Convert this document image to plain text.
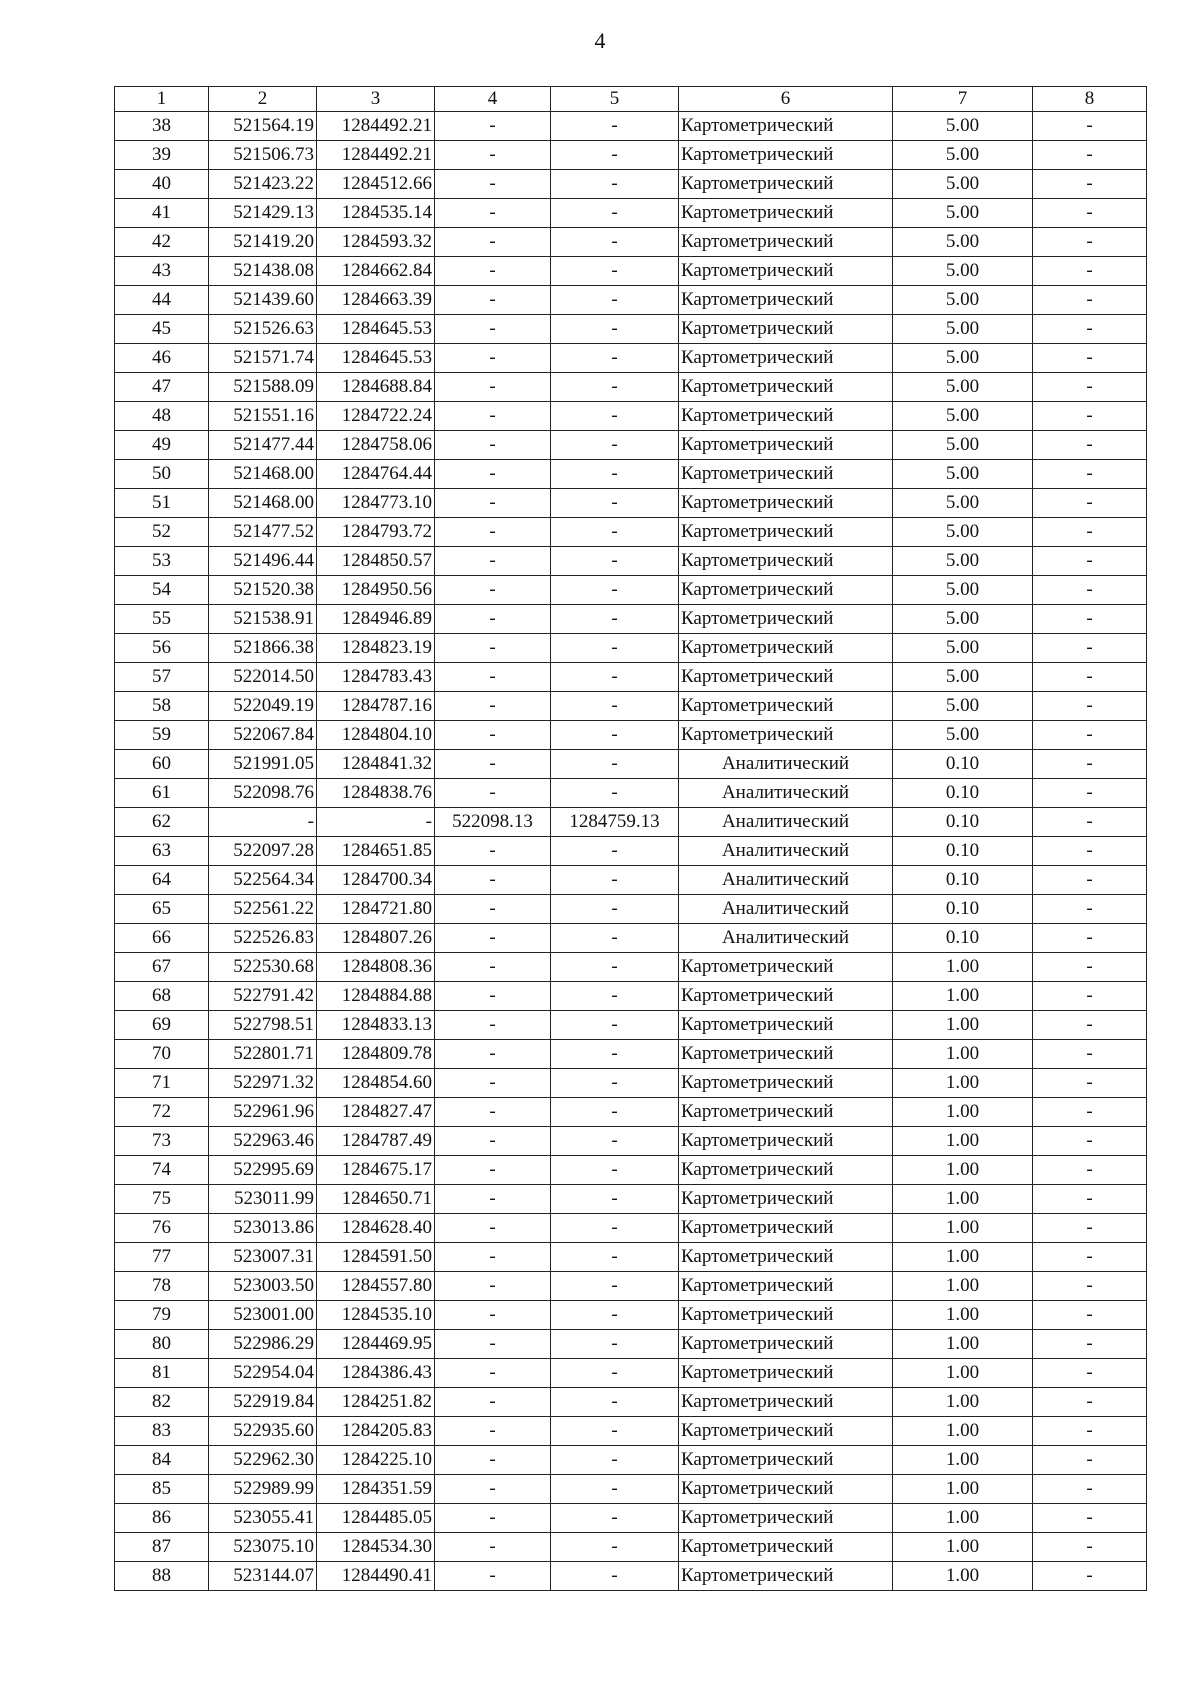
4
1	2	3	4	5	6	7	8
38	521564.19	1284492.21	-	-	Картометрический	5.00	-
39	521506.73	1284492.21	-	-	Картометрический	5.00	-
40	521423.22	1284512.66	-	-	Картометрический	5.00	-
41	521429.13	1284535.14	-	-	Картометрический	5.00	-
42	521419.20	1284593.32	-	-	Картометрический	5.00	-
43	521438.08	1284662.84	-	-	Картометрический	5.00	-
44	521439.60	1284663.39	-	-	Картометрический	5.00	-
45	521526.63	1284645.53	-	-	Картометрический	5.00	-
46	521571.74	1284645.53	-	-	Картометрический	5.00	-
47	521588.09	1284688.84	-	-	Картометрический	5.00	-
48	521551.16	1284722.24	-	-	Картометрический	5.00	-
49	521477.44	1284758.06	-	-	Картометрический	5.00	-
50	521468.00	1284764.44	-	-	Картометрический	5.00	-
51	521468.00	1284773.10	-	-	Картометрический	5.00	-
52	521477.52	1284793.72	-	-	Картометрический	5.00	-
53	521496.44	1284850.57	-	-	Картометрический	5.00	-
54	521520.38	1284950.56	-	-	Картометрический	5.00	-
55	521538.91	1284946.89	-	-	Картометрический	5.00	-
56	521866.38	1284823.19	-	-	Картометрический	5.00	-
57	522014.50	1284783.43	-	-	Картометрический	5.00	-
58	522049.19	1284787.16	-	-	Картометрический	5.00	-
59	522067.84	1284804.10	-	-	Картометрический	5.00	-
60	521991.05	1284841.32	-	-	Аналитический	0.10	-
61	522098.76	1284838.76	-	-	Аналитический	0.10	-
62	-	-	522098.13	1284759.13	Аналитический	0.10	-
63	522097.28	1284651.85	-	-	Аналитический	0.10	-
64	522564.34	1284700.34	-	-	Аналитический	0.10	-
65	522561.22	1284721.80	-	-	Аналитический	0.10	-
66	522526.83	1284807.26	-	-	Аналитический	0.10	-
67	522530.68	1284808.36	-	-	Картометрический	1.00	-
68	522791.42	1284884.88	-	-	Картометрический	1.00	-
69	522798.51	1284833.13	-	-	Картометрический	1.00	-
70	522801.71	1284809.78	-	-	Картометрический	1.00	-
71	522971.32	1284854.60	-	-	Картометрический	1.00	-
72	522961.96	1284827.47	-	-	Картометрический	1.00	-
73	522963.46	1284787.49	-	-	Картометрический	1.00	-
74	522995.69	1284675.17	-	-	Картометрический	1.00	-
75	523011.99	1284650.71	-	-	Картометрический	1.00	-
76	523013.86	1284628.40	-	-	Картометрический	1.00	-
77	523007.31	1284591.50	-	-	Картометрический	1.00	-
78	523003.50	1284557.80	-	-	Картометрический	1.00	-
79	523001.00	1284535.10	-	-	Картометрический	1.00	-
80	522986.29	1284469.95	-	-	Картометрический	1.00	-
81	522954.04	1284386.43	-	-	Картометрический	1.00	-
82	522919.84	1284251.82	-	-	Картометрический	1.00	-
83	522935.60	1284205.83	-	-	Картометрический	1.00	-
84	522962.30	1284225.10	-	-	Картометрический	1.00	-
85	522989.99	1284351.59	-	-	Картометрический	1.00	-
86	523055.41	1284485.05	-	-	Картометрический	1.00	-
87	523075.10	1284534.30	-	-	Картометрический	1.00	-
88	523144.07	1284490.41	-	-	Картометрический	1.00	-
